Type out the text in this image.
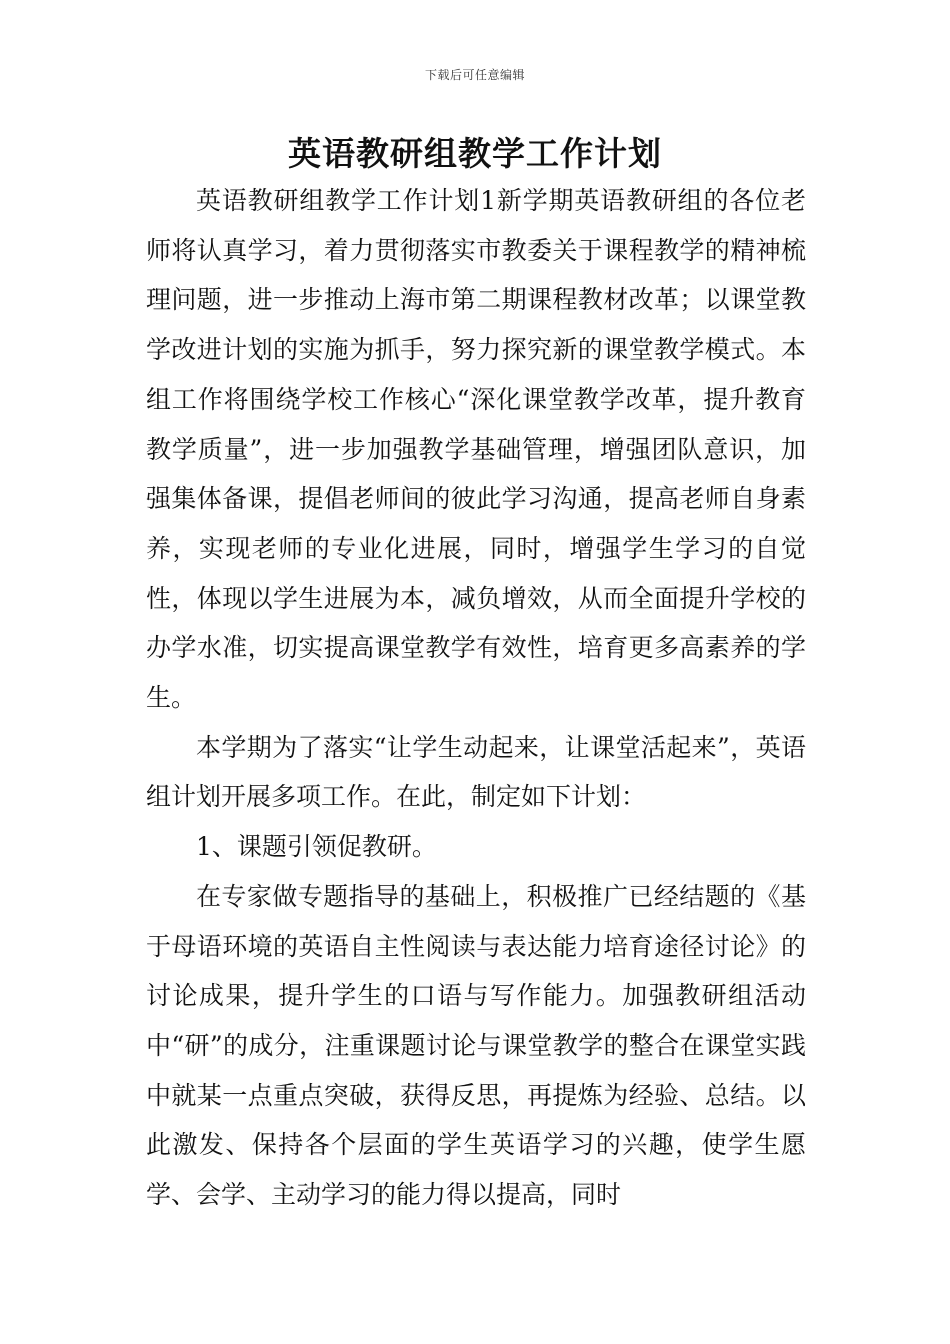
下载后可任意编辑
英语教研组教学工作计划

英语教研组教学工作计划1新学期英语教研组的各位老师将认真学习，着力贯彻落实市教委关于课程教学的精神梳理问题，进一步推动上海市第二期课程教材改革；以课堂教学改进计划的实施为抓手，努力探究新的课堂教学模式。本组工作将围绕学校工作核心“深化课堂教学改革，提升教育教学质量”，进一步加强教学基础管理，增强团队意识，加强集体备课，提倡老师间的彼此学习沟通，提高老师自身素养，实现老师的专业化进展，同时，增强学生学习的自觉性，体现以学生进展为本，减负增效，从而全面提升学校的办学水准，切实提高课堂教学有效性，培育更多高素养的学生。

本学期为了落实“让学生动起来，让课堂活起来”，英语组计划开展多项工作。在此，制定如下计划：

1、课题引领促教研。

在专家做专题指导的基础上，积极推广已经结题的《基于母语环境的英语自主性阅读与表达能力培育途径讨论》的讨论成果，提升学生的口语与写作能力。加强教研组活动中“研”的成分，注重课题讨论与课堂教学的整合在课堂实践中就某一点重点突破，获得反思，再提炼为经验、总结。以此激发、保持各个层面的学生英语学习的兴趣，使学生愿学、会学、主动学习的能力得以提高，同时
